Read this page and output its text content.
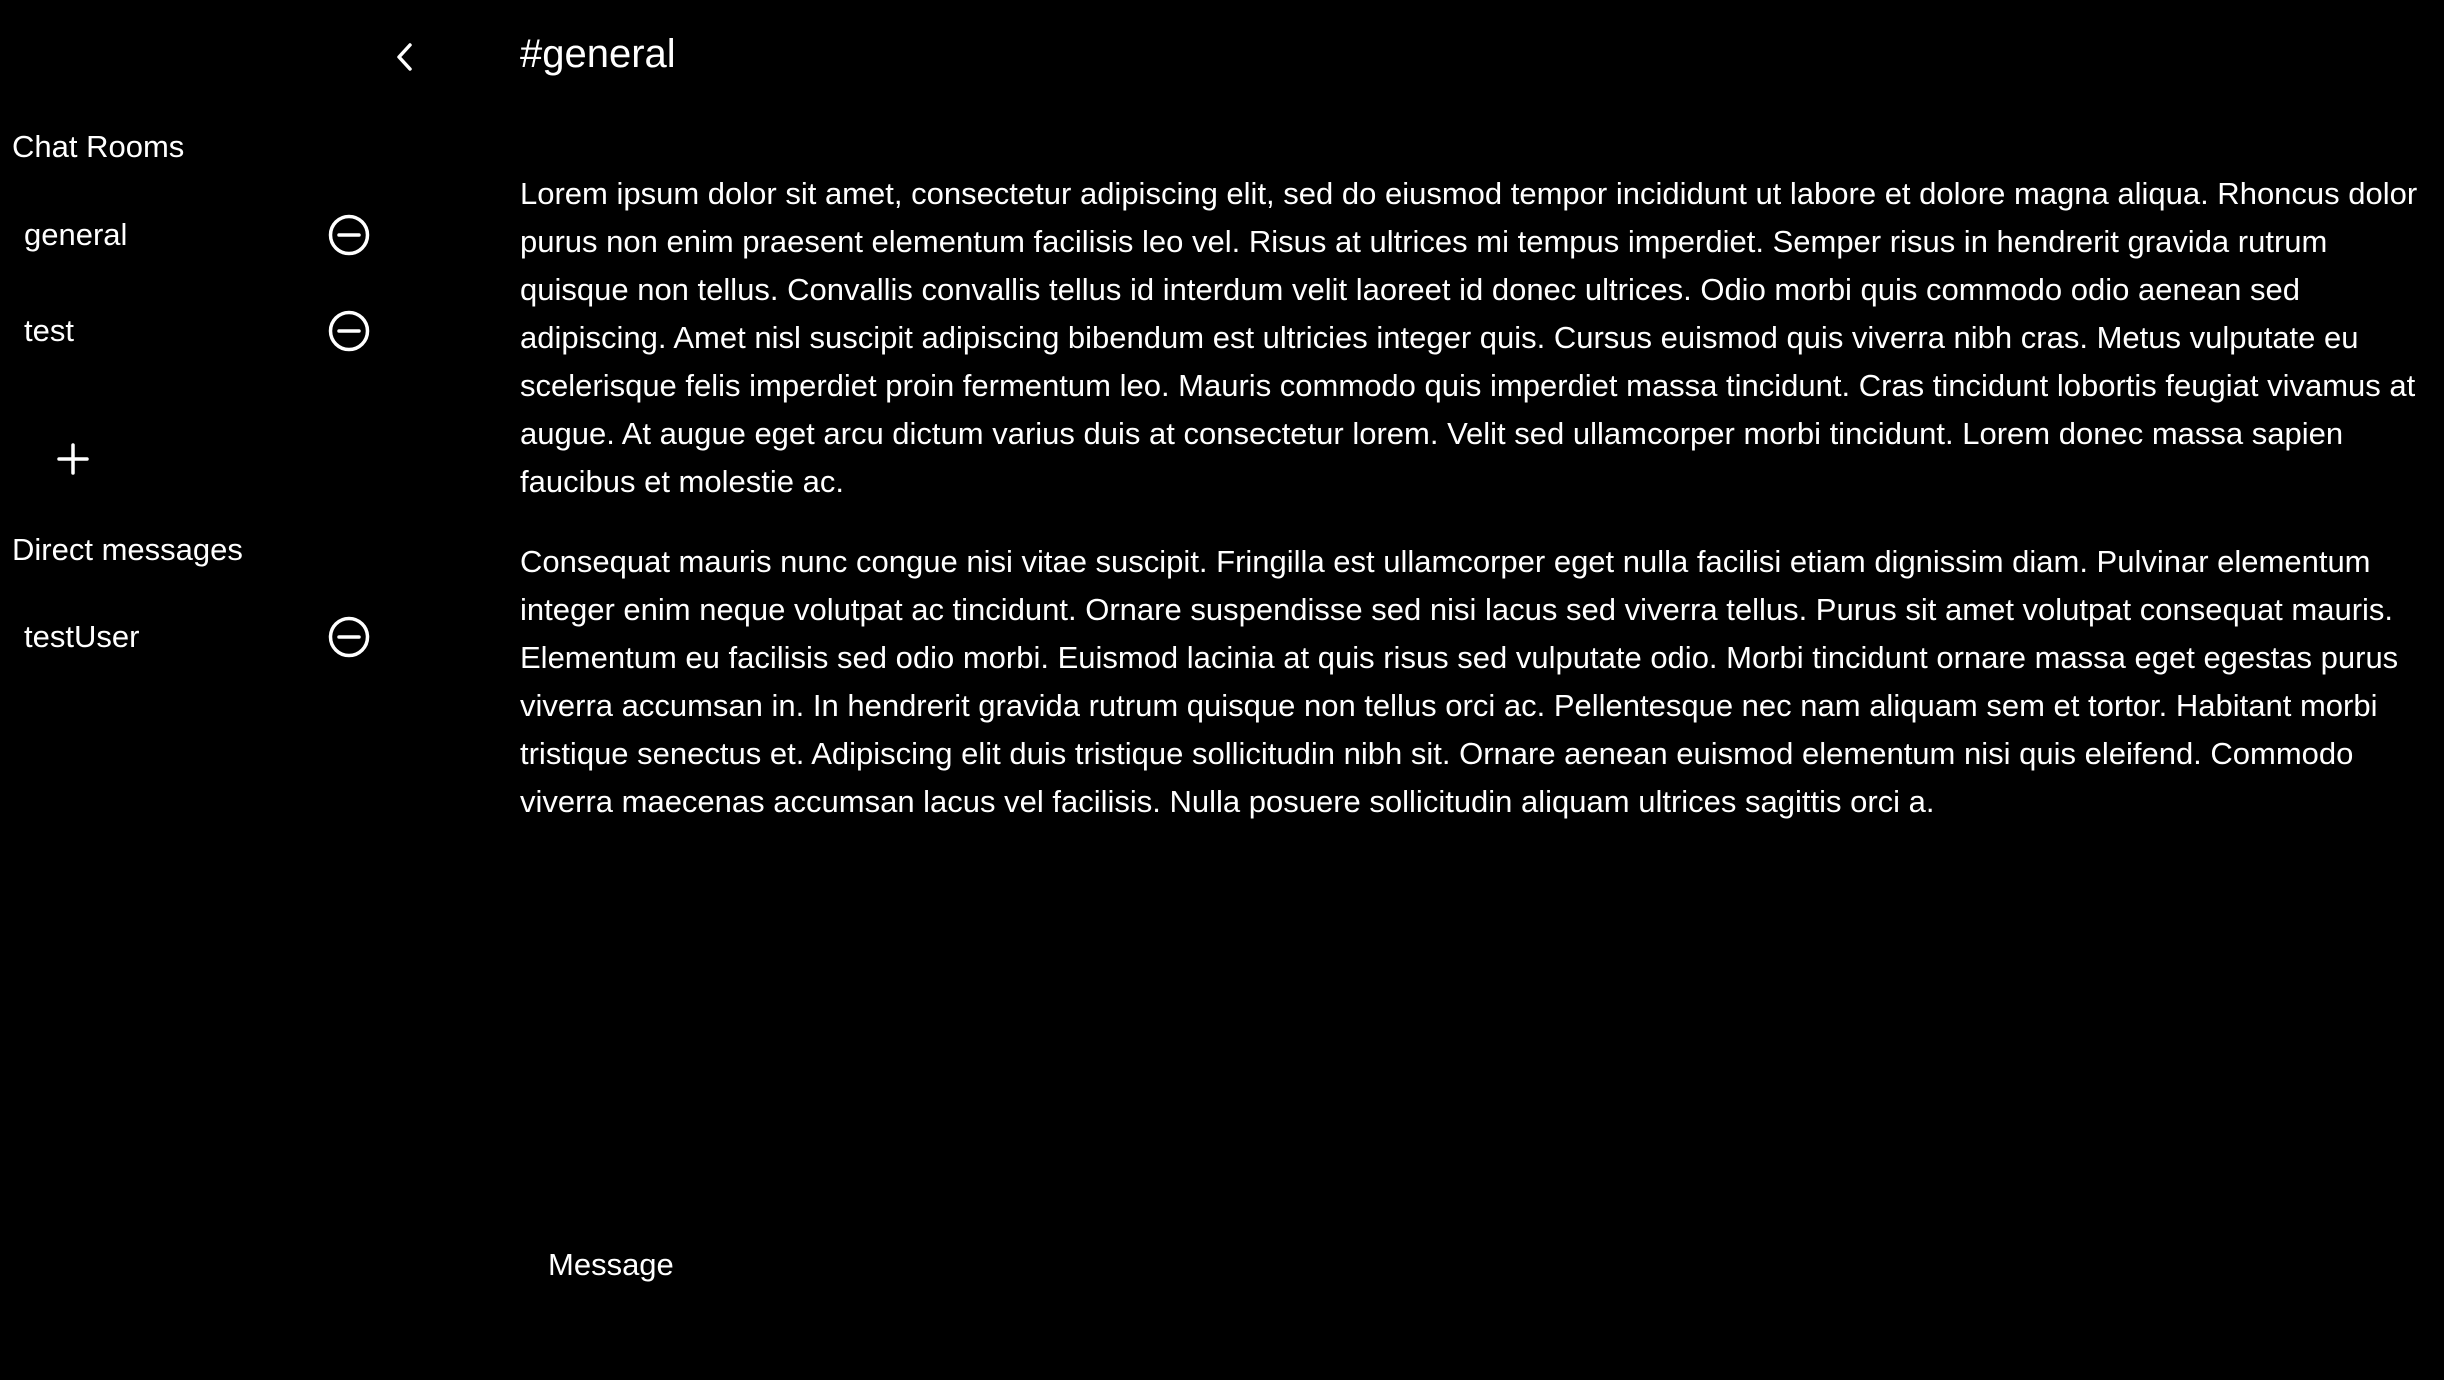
Chat Rooms
general
test
Direct messages
testUser
#general

Lorem ipsum dolor sit amet, consectetur adipiscing elit, sed do eiusmod tempor incididunt ut labore et dolore magna aliqua. Rhoncus dolor purus non enim praesent elementum facilisis leo vel. Risus at ultrices mi tempus imperdiet. Semper risus in hendrerit gravida rutrum quisque non tellus. Convallis convallis tellus id interdum velit laoreet id donec ultrices. Odio morbi quis commodo odio aenean sed adipiscing. Amet nisl suscipit adipiscing bibendum est ultricies integer quis. Cursus euismod quis viverra nibh cras. Metus vulputate eu scelerisque felis imperdiet proin fermentum leo. Mauris commodo quis imperdiet massa tincidunt. Cras tincidunt lobortis feugiat vivamus at augue. At augue eget arcu dictum varius duis at consectetur lorem. Velit sed ullamcorper morbi tincidunt. Lorem donec massa sapien faucibus et molestie ac.

Consequat mauris nunc congue nisi vitae suscipit. Fringilla est ullamcorper eget nulla facilisi etiam dignissim diam. Pulvinar elementum integer enim neque volutpat ac tincidunt. Ornare suspendisse sed nisi lacus sed viverra tellus. Purus sit amet volutpat consequat mauris. Elementum eu facilisis sed odio morbi. Euismod lacinia at quis risus sed vulputate odio. Morbi tincidunt ornare massa eget egestas purus viverra accumsan in. In hendrerit gravida rutrum quisque non tellus orci ac. Pellentesque nec nam aliquam sem et tortor. Habitant morbi tristique senectus et. Adipiscing elit duis tristique sollicitudin nibh sit. Ornare aenean euismod elementum nisi quis eleifend. Commodo viverra maecenas accumsan lacus vel facilisis. Nulla posuere sollicitudin aliquam ultrices sagittis orci a.

Message
